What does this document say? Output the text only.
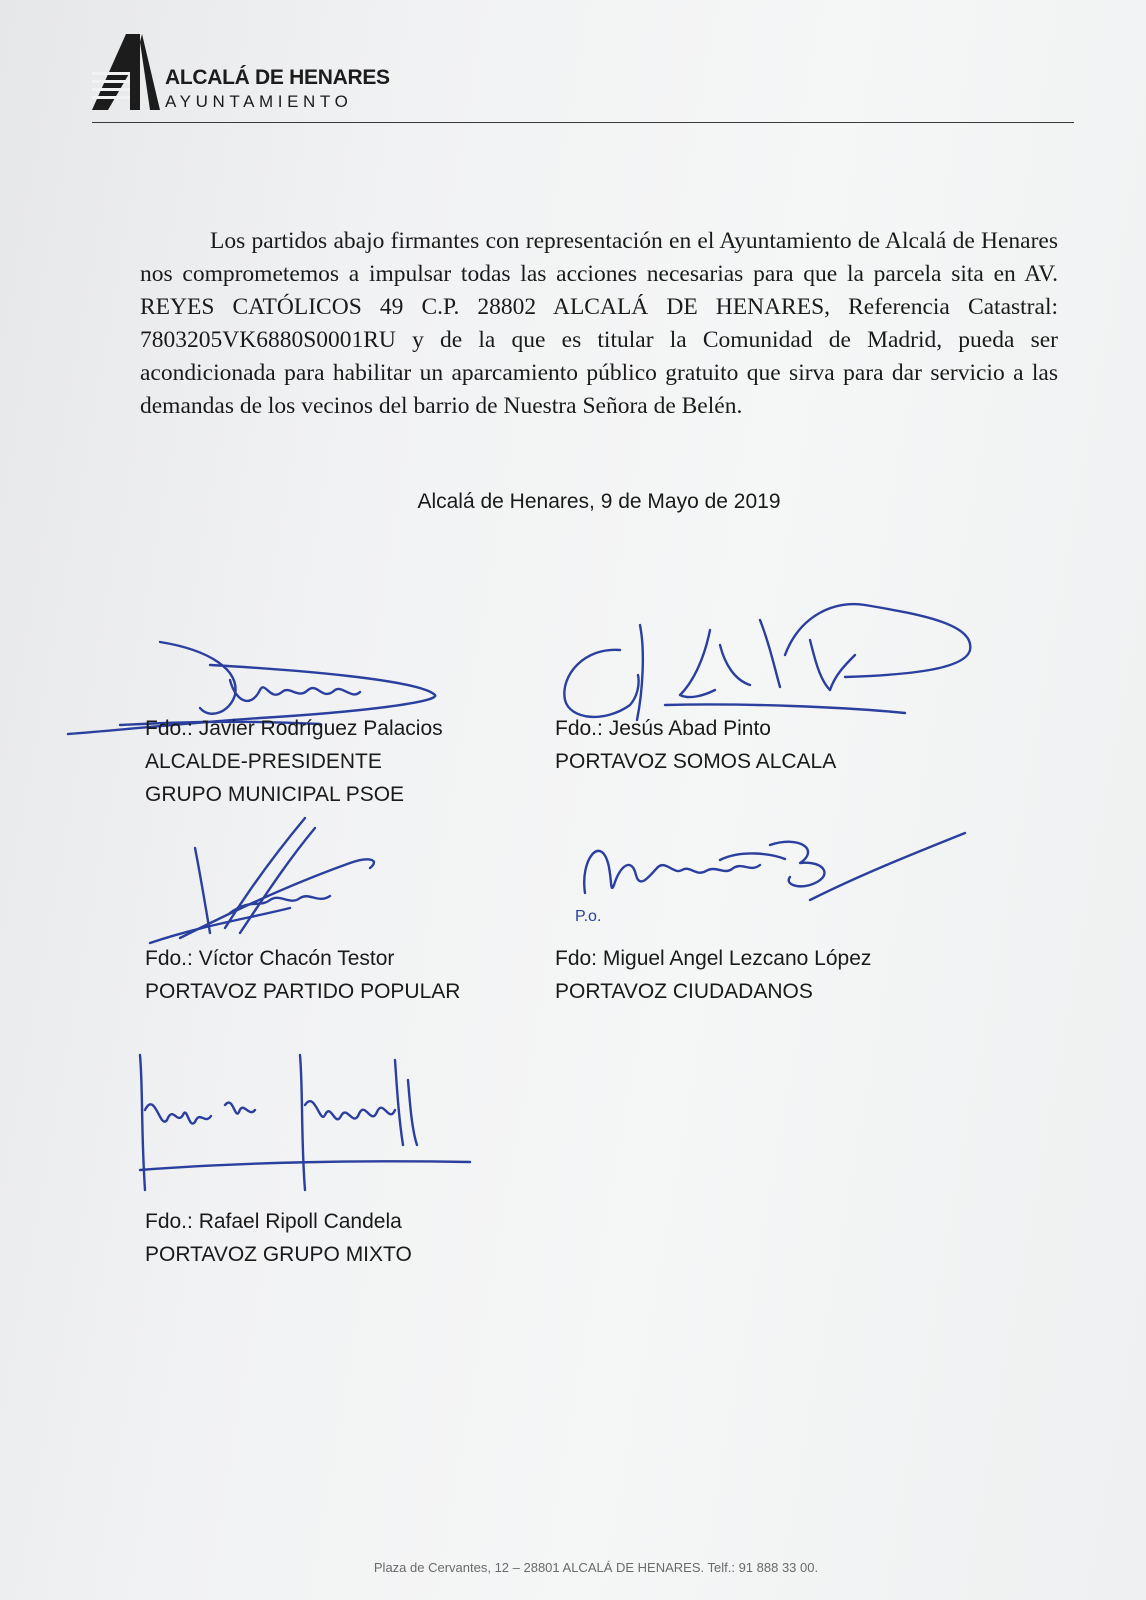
ALCALÁ DE HENARES
AYUNTAMIENTO

Los partidos abajo firmantes con representación en el Ayuntamiento de Alcalá de Henares nos comprometemos a impulsar todas las acciones necesarias para que la parcela sita en AV. REYES CATÓLICOS 49 C.P. 28802 ALCALÁ DE HENARES, Referencia Catastral: 7803205VK6880S0001RU y de la que es titular la Comunidad de Madrid, pueda ser acondicionada para habilitar un aparcamiento público gratuito que sirva para dar servicio a las demandas de los vecinos del barrio de Nuestra Señora de Belén.

Alcalá de Henares, 9 de Mayo de 2019
Fdo.: Javier Rodríguez Palacios
ALCALDE-PRESIDENTE
GRUPO MUNICIPAL PSOE
Fdo.: Jesús Abad Pinto
PORTAVOZ SOMOS ALCALA
Fdo.: Víctor Chacón Testor
PORTAVOZ PARTIDO POPULAR
P.o.
Fdo: Miguel Angel Lezcano López
PORTAVOZ CIUDADANOS
Fdo.: Rafael Ripoll Candela
PORTAVOZ GRUPO MIXTO
Plaza de Cervantes, 12 – 28801 ALCALÁ DE HENARES. Telf.: 91 888 33 00.
